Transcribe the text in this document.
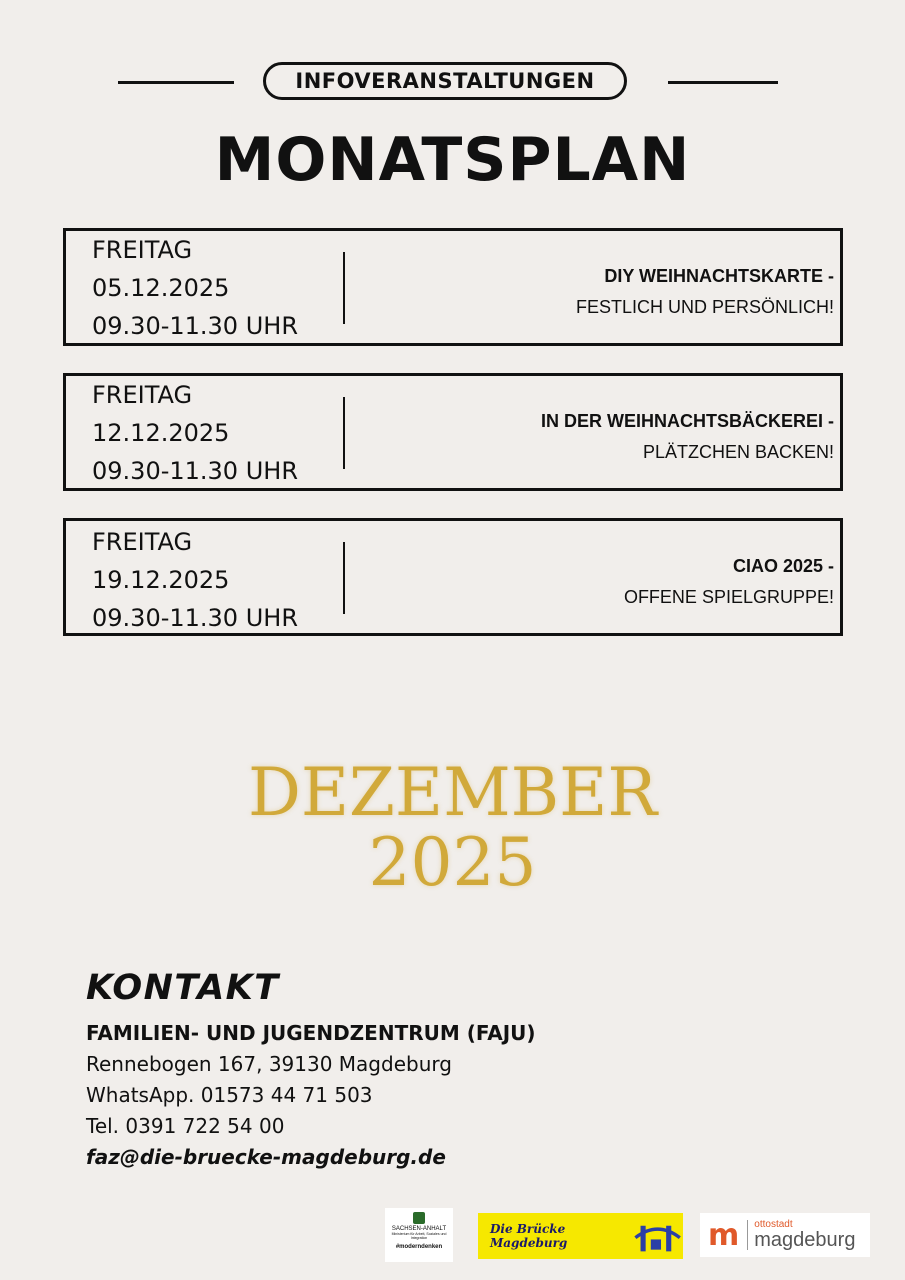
INFOVERANSTALTUNGEN
MONATSPLAN
FREITAG
05.12.2025
09.30-11.30 UHR
DIY WEIHNACHTSKARTE -
FESTLICH UND PERSÖNLICH!
FREITAG
12.12.2025
09.30-11.30 UHR
IN DER WEIHNACHTSBÄCKEREI -
PLÄTZCHEN BACKEN!
FREITAG
19.12.2025
09.30-11.30 UHR
CIAO 2025 -
OFFENE SPIELGRUPPE!
DEZEMBER
2025
KONTAKT
FAMILIEN- UND JUGENDZENTRUM (FAJU)
Rennebogen 167, 39130 Magdeburg
WhatsApp. 01573 44 71 503
Tel. 0391 722 54 00
faz@die-bruecke-magdeburg.de
SACHSEN-ANHALT
Ministerium für Arbeit, Soziales und Integration
#moderndenken
Die Brücke Magdeburg	m ottostadt
magdeburg
